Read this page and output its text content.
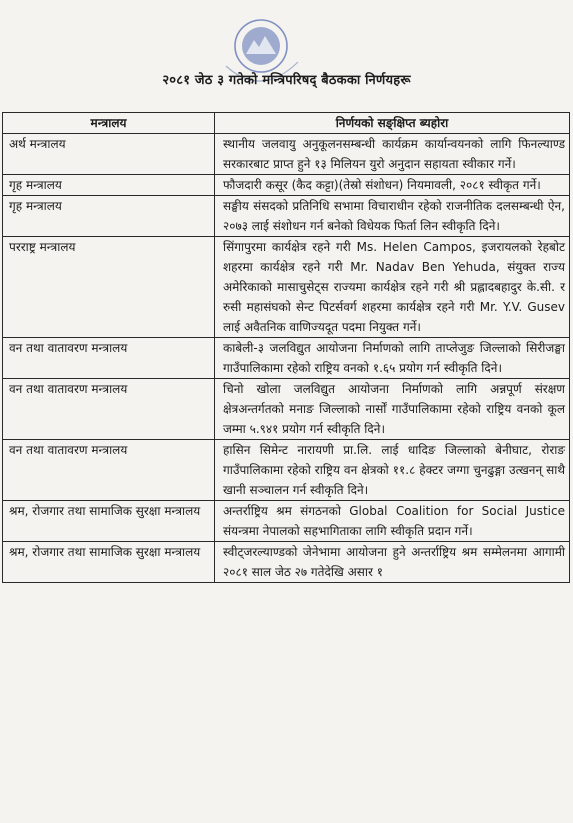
२०८१ जेठ ३ गतेको मन्त्रिपरिषद् बैठकका निर्णयहरू
मन्त्रालय	निर्णयको सङ्क्षिप्त ब्यहोरा
अर्थ मन्त्रालय	स्थानीय जलवायु अनुकूलनसम्बन्धी कार्यक्रम कार्यान्वयनको लागि फिनल्याण्ड सरकारबाट प्राप्त हुने १३ मिलियन युरो अनुदान सहायता स्वीकार गर्ने।
गृह मन्त्रालय	फौजदारी कसूर (कैद कट्टा)(तेस्रो संशोधन) नियमावली, २०८१ स्वीकृत गर्ने।
गृह मन्त्रालय	सङ्घीय संसदको प्रतिनिधि सभामा विचाराधीन रहेको राजनीतिक दलसम्बन्धी ऐन, २०७३ लाई संशोधन गर्न बनेको विधेयक फिर्ता लिन स्वीकृति दिने।
परराष्ट्र मन्त्रालय	सिंगापुरमा कार्यक्षेत्र रहने गरी Ms. Helen Campos, इजरायलको रेहबोट शहरमा कार्यक्षेत्र रहने गरी Mr. Nadav Ben Yehuda, संयुक्त राज्य अमेरिकाको मासाचुसेट्स राज्यमा कार्यक्षेत्र रहने गरी श्री प्रह्लादबहादुर के.सी. र रुसी महासंघको सेन्ट पिटर्सवर्ग शहरमा कार्यक्षेत्र रहने गरी Mr. Y.V. Gusev लाई अवैतनिक वाणिज्यदूत पदमा नियुक्त गर्ने।
वन तथा वातावरण मन्त्रालय	काबेली-३ जलविद्युत आयोजना निर्माणको लागि ताप्लेजुङ जिल्लाको सिरीजङ्घा गाउँपालिकामा रहेको राष्ट्रिय वनको १.६५ प्रयोग गर्न स्वीकृति दिने।
वन तथा वातावरण मन्त्रालय	चिनो खोला जलविद्युत आयोजना निर्माणको लागि अन्नपूर्ण संरक्षण क्षेत्रअन्तर्गतको मनाङ जिल्लाको नार्सों गाउँपालिकामा रहेको राष्ट्रिय वनको कूल जम्मा ५.९४१ प्रयोग गर्न स्वीकृति दिने।
वन तथा वातावरण मन्त्रालय	हासिन सिमेन्ट नारायणी प्रा.लि. लाई धादिङ जिल्लाको बेनीघाट, रोराङ गाउँपालिकामा रहेको राष्ट्रिय वन क्षेत्रको ११.८ हेक्टर जग्गा चुनढुङ्गा उत्खनन् साथै खानी सञ्चालन गर्न स्वीकृति दिने।
श्रम, रोजगार तथा सामाजिक सुरक्षा मन्त्रालय	अन्तर्राष्ट्रिय श्रम संगठनको Global Coalition for Social Justice संयन्त्रमा नेपालको सहभागिताका लागि स्वीकृति प्रदान गर्ने।
श्रम, रोजगार तथा सामाजिक सुरक्षा मन्त्रालय	स्वीट्जरल्याण्डको जेनेभामा आयोजना हुने अन्तर्राष्ट्रिय श्रम सम्मेलनमा आगामी २०८१ साल जेठ २७ गतेदेखि असार १
